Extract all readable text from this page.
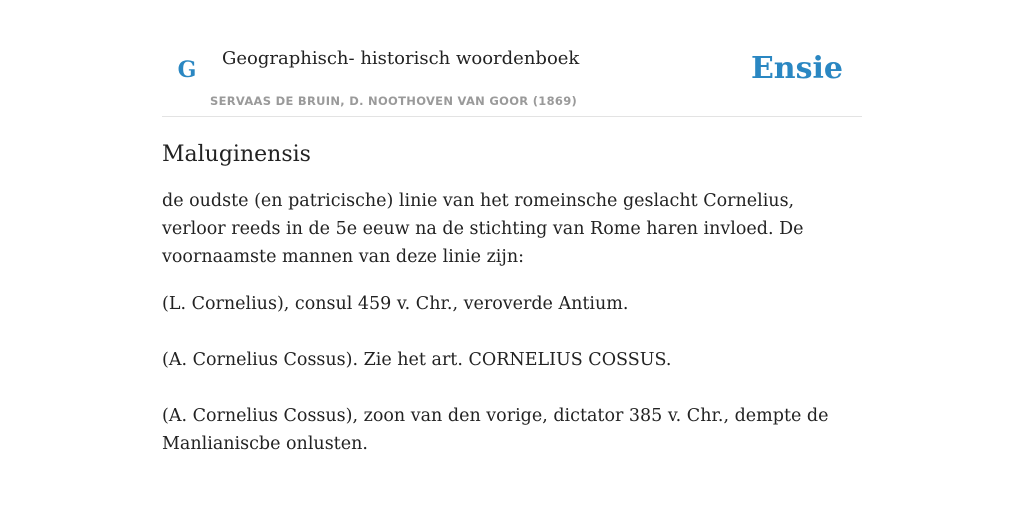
G Geographisch- historisch woordenboek
SERVAAS DE BRUIN, D. NOOTHOVEN VAN GOOR (1869)
Ensie
Maluginensis

de oudste (en patricische) linie van het romeinsche geslacht Cornelius, verloor reeds in de 5e eeuw na de stichting van Rome haren invloed. De voornaamste mannen van deze linie zijn:

(L. Cornelius), consul 459 v. Chr., veroverde Antium.

(A. Cornelius Cossus). Zie het art. CORNELIUS COSSUS.

(A. Cornelius Cossus), zoon van den vorige, dictator 385 v. Chr., dempte de Manlianiscbe onlusten.
